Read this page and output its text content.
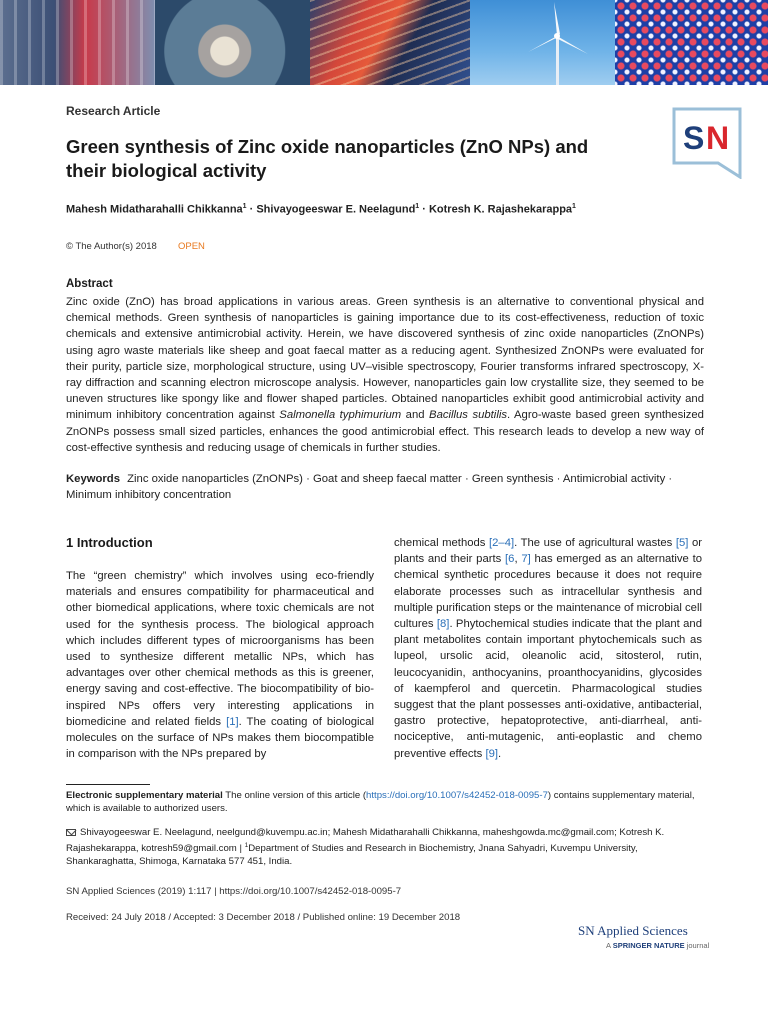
Research Article
Green synthesis of Zinc oxide nanoparticles (ZnO NPs) and their biological activity
S N
Mahesh Midatharahalli Chikkanna$^1$ · Shivayogeeswar E. Neelagund$^1$ · Kotresh K. Rajashekarappa$^1$
© The Author(s) 2018 OPEN
Abstract
Zinc oxide (ZnO) has broad applications in various areas. Green synthesis is an alternative to conventional physical and chemical methods. Green synthesis of nanoparticles is gaining importance due to its cost-effectiveness, reduction of toxic chemicals and extensive antimicrobial activity. Herein, we have discovered synthesis of zinc oxide nanoparticles (ZnONPs) using agro waste materials like sheep and goat faecal matter as a reducing agent. Synthesized ZnONPs were evaluated for their purity, particle size, morphological structure, using UV–visible spectroscopy, Fourier transforms infrared spectroscopy, X-ray diffraction and scanning electron microscope analysis. However, nanoparticles gain low crystallite size, they seemed to be uneven structures like spongy like and flower shaped particles. Obtained nanoparticles exhibit good antimicrobial activity and minimum inhibitory concentration against Salmonella typhimurium and Bacillus subtilis. Agro-waste based green synthesized ZnONPs possess small sized particles, enhances the good antimicrobial effect. This research leads to develop a new way of cost-effective synthesis and reducing usage of chemicals in further studies.
Keywords Zinc oxide nanoparticles (ZnONPs) · Goat and sheep faecal matter · Green synthesis · Antimicrobial activity · Minimum inhibitory concentration
1 Introduction
The “green chemistry” which involves using eco-friendly materials and ensures compatibility for pharmaceutical and other biomedical applications, where toxic chemicals are not used for the synthesis process. The biological approach which includes different types of microorganisms has been used to synthesize different metallic NPs, which has advantages over other chemical methods as this is greener, energy saving and cost-effective. The biocompatibility of bio-inspired NPs offers very interesting applications in biomedicine and related fields [1]. The coating of biological molecules on the surface of NPs makes them biocompatible in comparison with the NPs prepared by
chemical methods [2–4]. The use of agricultural wastes [5] or plants and their parts [6, 7] has emerged as an alternative to chemical synthetic procedures because it does not require elaborate processes such as intracellular synthesis and multiple purification steps or the maintenance of microbial cell cultures [8]. Phytochemical studies indicate that the plant and plant metabolites contain important phytochemicals such as lupeol, ursolic acid, oleanolic acid, sitosterol, rutin, leucocyanidin, anthocyanins, proanthocyanidins, glycosides of kaempferol and quercetin. Pharmacological studies suggest that the plant possesses anti-oxidative, antibacterial, gastro protective, hepatoprotective, anti-diarrheal, anti-nociceptive, anti-mutagenic, anti-eoplastic and chemo preventive effects [9].
Electronic supplementary material The online version of this article (https://doi.org/10.1007/s42452-018-0095-7) contains supplementary material, which is available to authorized users.
Shivayogeeswar E. Neelagund, neelgund@kuvempu.ac.in; Mahesh Midatharahalli Chikkanna, maheshgowda.mc@gmail.com; Kotresh K. Rajashekarappa, kotresh59@gmail.com | $^1$Department of Studies and Research in Biochemistry, Jnana Sahyadri, Kuvempu University, Shankaraghatta, Shimoga, Karnataka 577 451, India.
SN Applied Sciences (2019) 1:117 | https://doi.org/10.1007/s42452-018-0095-7
Received: 24 July 2018 / Accepted: 3 December 2018 / Published online: 19 December 2018
SN Applied Sciences
A SPRINGER NATURE journal
